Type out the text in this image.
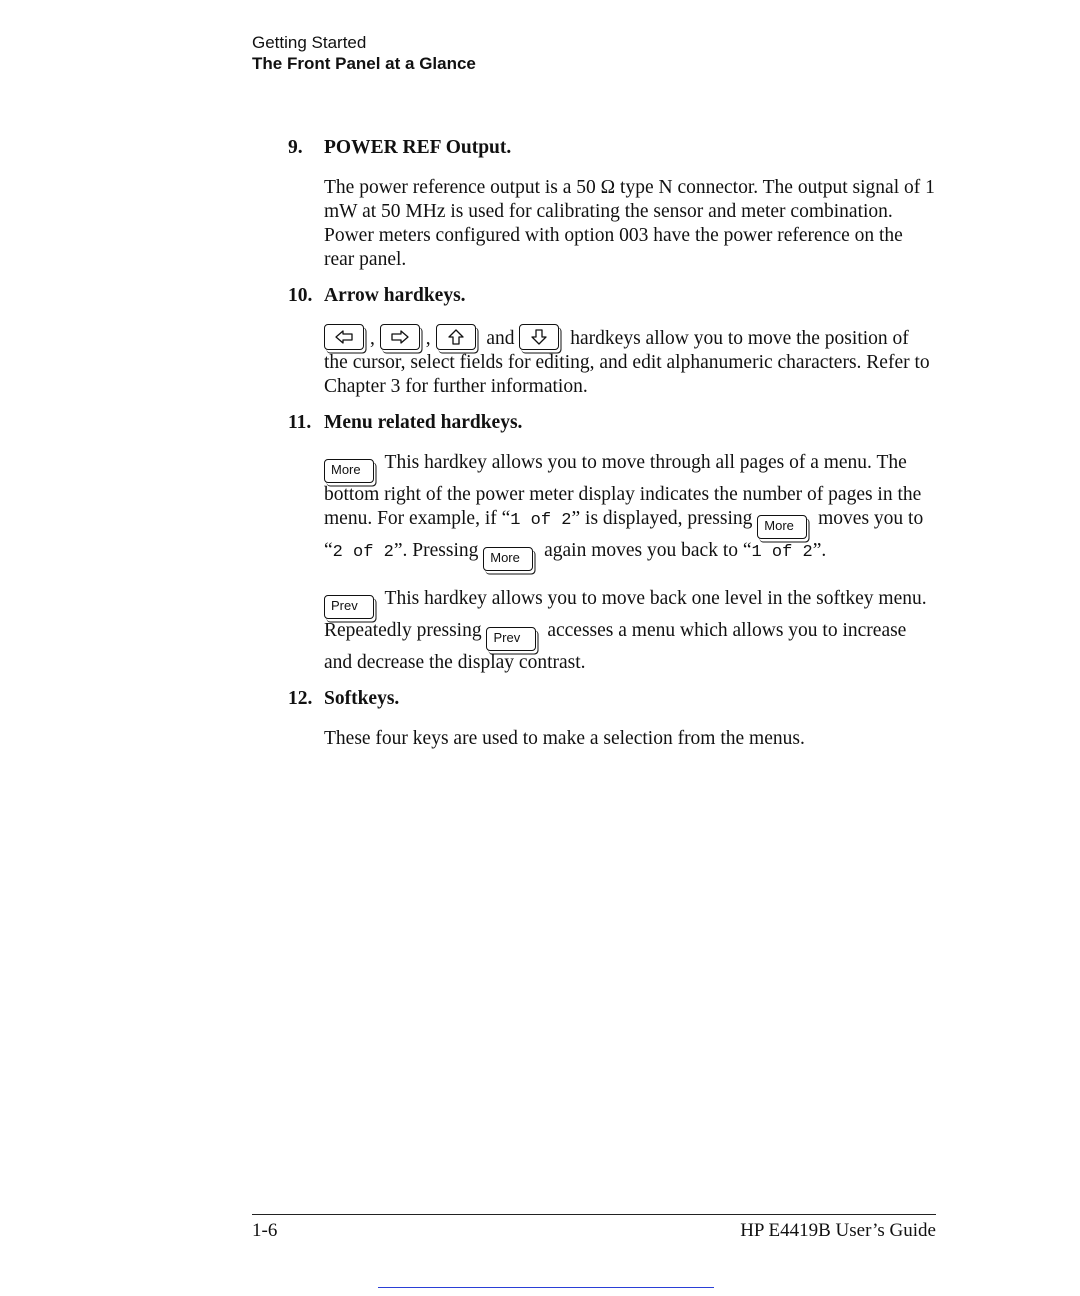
Getting Started
The Front Panel at a Glance

9. POWER REF Output.

The power reference output is a 50 Ω type N connector. The output signal of 1 mW at 50 MHz is used for calibrating the sensor and meter combination. Power meters configured with option 003 have the power reference on the rear panel.

10. Arrow hardkeys.

,	,	and	hardkeys allow you to move the position of the cursor, select fields for editing, and edit alphanumeric characters. Refer to Chapter 3 for further information.

11. Menu related hardkeys.

More This hardkey allows you to move through all pages of a menu. The bottom right of the power meter display indicates the number of pages in the menu. For example, if “1 of 2” is displayed, pressing More moves you to “2 of 2”. Pressing More again moves you back to “1 of 2”.

Prev This hardkey allows you to move back one level in the softkey menu. Repeatedly pressing Prev accesses a menu which allows you to increase and decrease the display contrast.

12. Softkeys.

These four keys are used to make a selection from the menus.

1-6	HP E4419B User’s Guide
